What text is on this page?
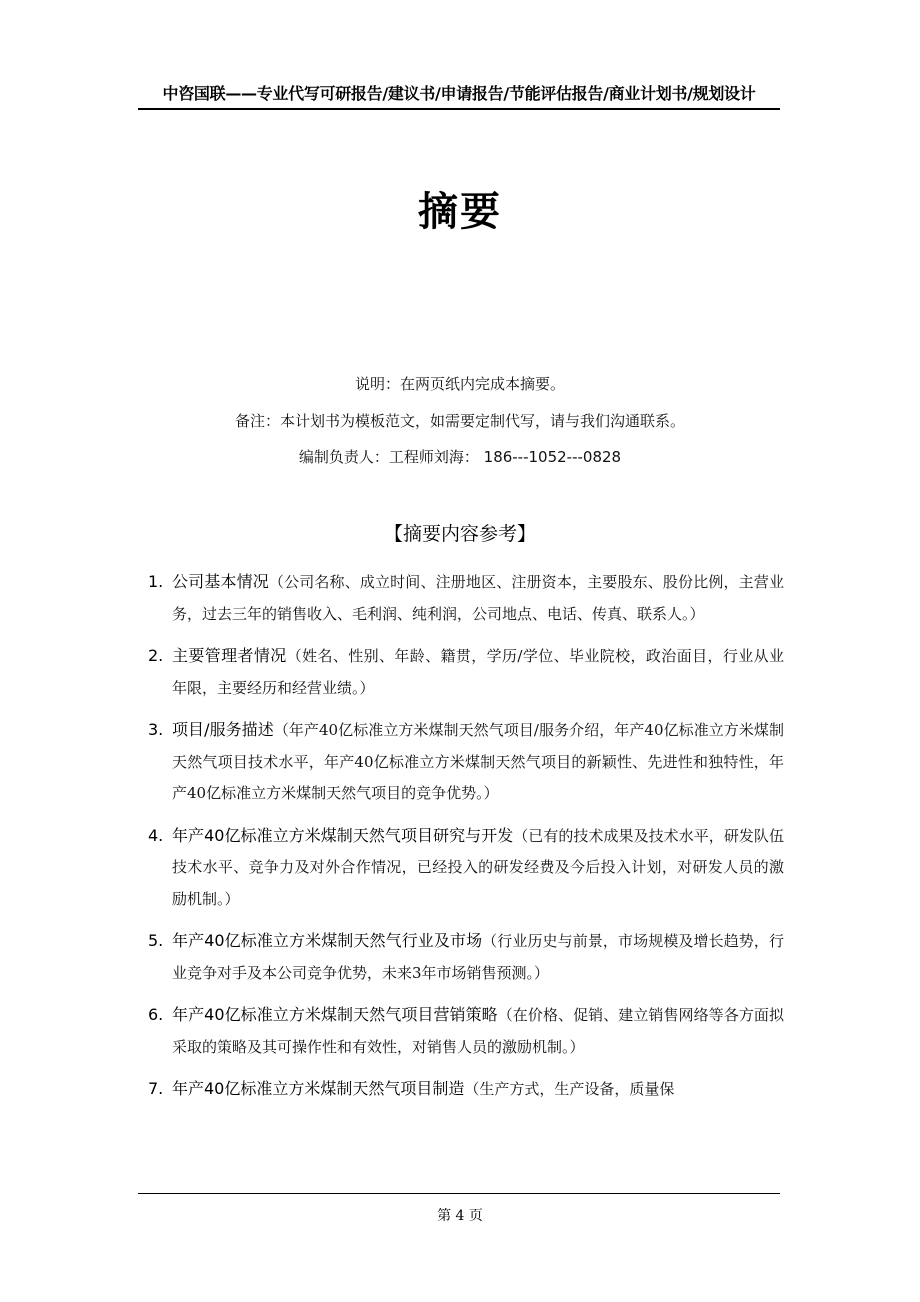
中咨国联——专业代写可研报告/建议书/申请报告/节能评估报告/商业计划书/规划设计
摘要
说明：在两页纸内完成本摘要。
备注：本计划书为模板范文，如需要定制代写，请与我们沟通联系。
编制负责人：工程师刘海： 186---1052---0828
【摘要内容参考】
1. 公司基本情况（公司名称、成立时间、注册地区、注册资本，主要股东、股份比例，主营业务，过去三年的销售收入、毛利润、纯利润，公司地点、电话、传真、联系人。）
2. 主要管理者情况（姓名、性别、年龄、籍贯，学历/学位、毕业院校，政治面目，行业从业年限，主要经历和经营业绩。）
3. 项目/服务描述（年产40亿标准立方米煤制天然气项目/服务介绍，年产40亿标准立方米煤制天然气项目技术水平，年产40亿标准立方米煤制天然气项目的新颖性、先进性和独特性，年产40亿标准立方米煤制天然气项目的竞争优势。）
4. 年产40亿标准立方米煤制天然气项目研究与开发（已有的技术成果及技术水平，研发队伍技术水平、竞争力及对外合作情况，已经投入的研发经费及今后投入计划，对研发人员的激励机制。）
5. 年产40亿标准立方米煤制天然气行业及市场（行业历史与前景，市场规模及增长趋势，行业竞争对手及本公司竞争优势，未来3年市场销售预测。）
6. 年产40亿标准立方米煤制天然气项目营销策略（在价格、促销、建立销售网络等各方面拟采取的策略及其可操作性和有效性，对销售人员的激励机制。）
7. 年产40亿标准立方米煤制天然气项目制造（生产方式，生产设备，质量保
第 4 页
